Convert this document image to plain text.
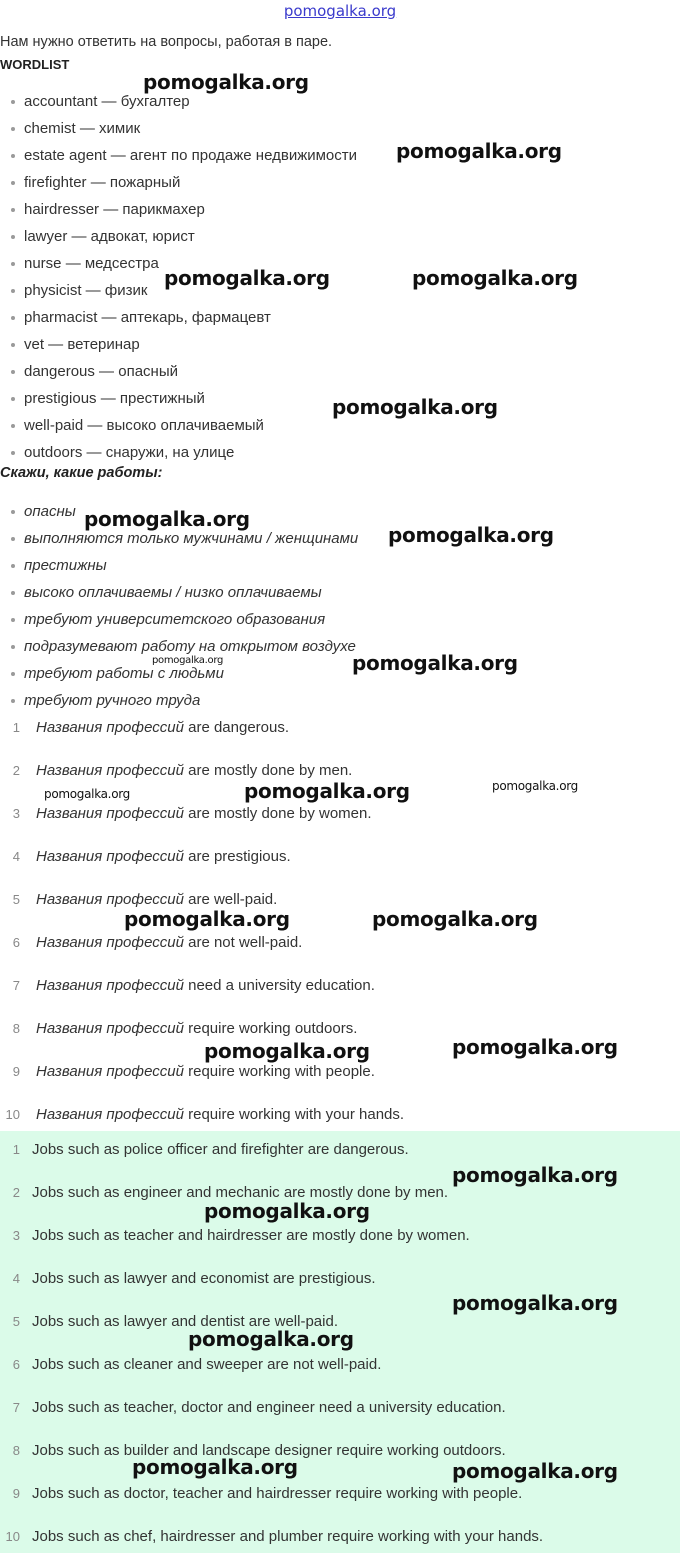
pomogalka.org
Нам нужно ответить на вопросы, работая в паре.
WORDLIST
accountant — бухгалтер
chemist — химик
estate agent — агент по продаже недвижимости
firefighter — пожарный
hairdresser — парикмахер
lawyer — адвокат, юрист
nurse — медсестра
physicist — физик
pharmacist — аптекарь, фармацевт
vet — ветеринар
dangerous — опасный
prestigious — престижный
well-paid — высоко оплачиваемый
outdoors — снаружи, на улице
Скажи, какие работы:
опасны
выполняются только мужчинами / женщинами
престижны
высоко оплачиваемы / низко оплачиваемы
требуют университетского образования
подразумевают работу на открытом воздухе
требуют работы с людьми
требуют ручного труда
1 Названия профессий are dangerous.
2 Названия профессий are mostly done by men.
3 Названия профессий are mostly done by women.
4 Названия профессий are prestigious.
5 Названия профессий are well-paid.
6 Названия профессий are not well-paid.
7 Названия профессий need a university education.
8 Названия профессий require working outdoors.
9 Названия профессий require working with people.
10 Названия профессий require working with your hands.
1 Jobs such as police officer and firefighter are dangerous.
2 Jobs such as engineer and mechanic are mostly done by men.
3 Jobs such as teacher and hairdresser are mostly done by women.
4 Jobs such as lawyer and economist are prestigious.
5 Jobs such as lawyer and dentist are well-paid.
6 Jobs such as cleaner and sweeper are not well-paid.
7 Jobs such as teacher, doctor and engineer need a university education.
8 Jobs such as builder and landscape designer require working outdoors.
9 Jobs such as doctor, teacher and hairdresser require working with people.
10 Jobs such as chef, hairdresser and plumber require working with your hands.
pomogalka.org
pomogalka.org
pomogalka.org	pomogalka.org
pomogalka.org
pomogalka.org
pomogalka.org
pomogalka.org	pomogalka.org
pomogalka.org	pomogalka.org	pomogalka.org
pomogalka.org	pomogalka.org
pomogalka.org	pomogalka.org
pomogalka.org
pomogalka.org
pomogalka.org
pomogalka.org
pomogalka.org	pomogalka.org
